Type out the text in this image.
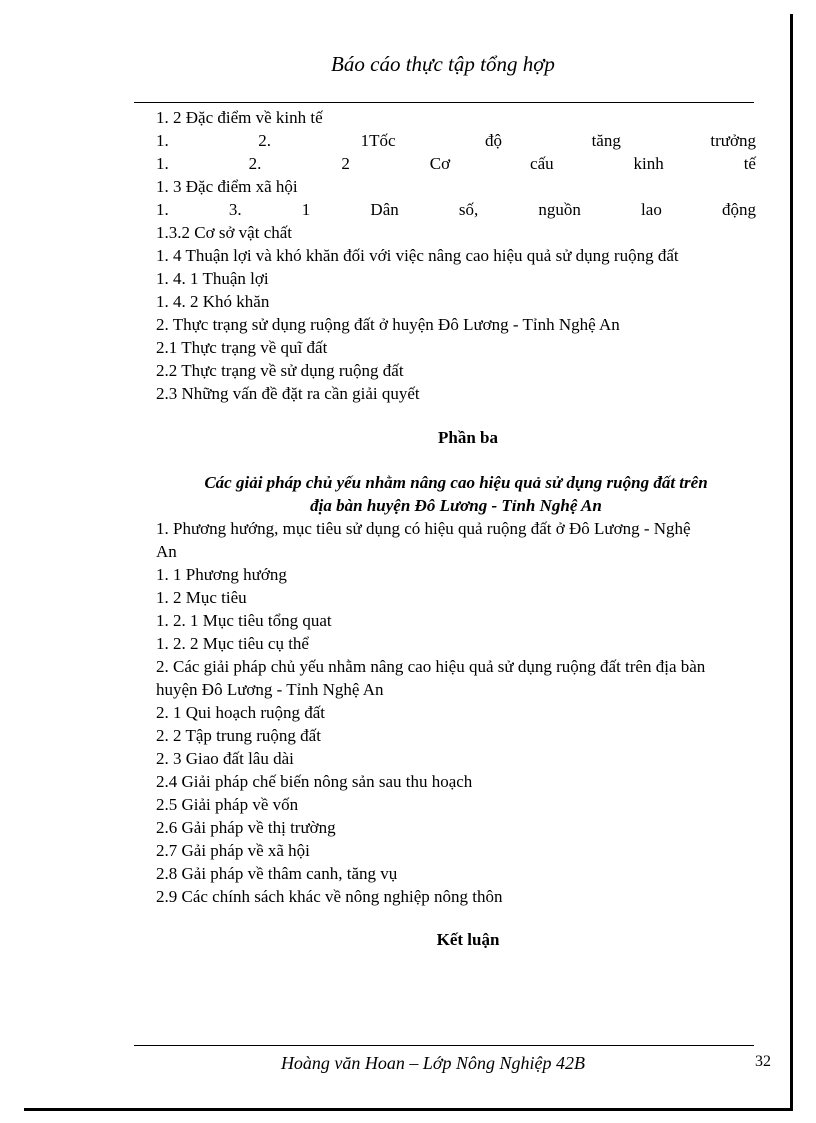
Báo cáo thực tập tổng hợp
1. 2 Đặc điểm về kinh tế
1.	2.	1Tốc	độ	tăng	trưởng
1.	2.	2	Cơ	cấu	kinh	tế
1. 3 Đặc điểm xã hội
1.	3.	1	Dân	số,	nguồn	lao	động
1.3.2 Cơ sở vật chất
1. 4 Thuận lợi và khó khăn đối với việc nâng cao hiệu quả sử dụng ruộng đất
1. 4. 1 Thuận lợi
1. 4. 2 Khó khăn
2. Thực trạng sử dụng ruộng đất ở huyện Đô Lương - Tỉnh Nghệ An
2.1 Thực trạng về quĩ đất
2.2 Thực trạng về sử dụng ruộng đất
2.3 Những vấn đề đặt ra cần giải quyết
Phần ba
Các giải pháp chủ yếu nhằm nâng cao hiệu quả sử dụng ruộng đất trên
địa bàn huyện Đô Lương - Tỉnh Nghệ An
1. Phương hướng, mục tiêu sử dụng có hiệu quả ruộng đất ở Đô Lương - Nghệ
An
1. 1 Phương hướng
1. 2 Mục tiêu
1. 2. 1 Mục tiêu tổng quat
1. 2. 2 Mục tiêu cụ thể
2. Các giải pháp chủ yếu nhằm nâng cao hiệu quả sử dụng ruộng đất trên địa bàn
huyện Đô Lương - Tỉnh Nghệ An
2. 1 Qui hoạch ruộng đất
2. 2 Tập trung ruộng đất
2. 3 Giao đất lâu dài
2.4 Giải pháp chế biến nông sản sau thu hoạch
2.5 Giải pháp về vốn
2.6 Gải pháp về thị trường
2.7 Gải pháp về xã hội
2.8 Gải pháp về thâm canh, tăng vụ
2.9 Các chính sách khác về nông nghiệp nông thôn
Kết luận
Hoàng văn Hoan – Lớp Nông Nghiệp 42B	32
